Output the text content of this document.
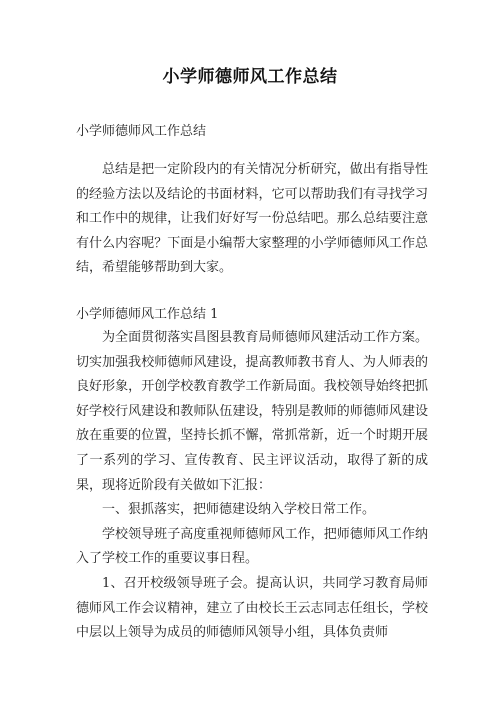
小学师德师风工作总结
小学师德师风工作总结

总结是把一定阶段内的有关情况分析研究，做出有指导性的经验方法以及结论的书面材料，它可以帮助我们有寻找学习和工作中的规律，让我们好好写一份总结吧。那么总结要注意有什么内容呢？下面是小编帮大家整理的小学师德师风工作总结，希望能够帮助到大家。

小学师德师风工作总结 1

为全面贯彻落实昌图县教育局师德师风建活动工作方案。切实加强我校师德师风建设，提高教师教书育人、为人师表的良好形象，开创学校教育教学工作新局面。我校领导始终把抓好学校行风建设和教师队伍建设，特别是教师的师德师风建设放在重要的位置，坚持长抓不懈，常抓常新，近一个时期开展了一系列的学习、宣传教育、民主评议活动，取得了新的成果，现将近阶段有关做如下汇报：

一、狠抓落实，把师德建设纳入学校日常工作。

学校领导班子高度重视师德师风工作，把师德师风工作纳入了学校工作的重要议事日程。

1、召开校级领导班子会。提高认识，共同学习教育局师德师风工作会议精神，建立了由校长王云志同志任组长，学校中层以上领导为成员的师德师风领导小组，具体负责师
